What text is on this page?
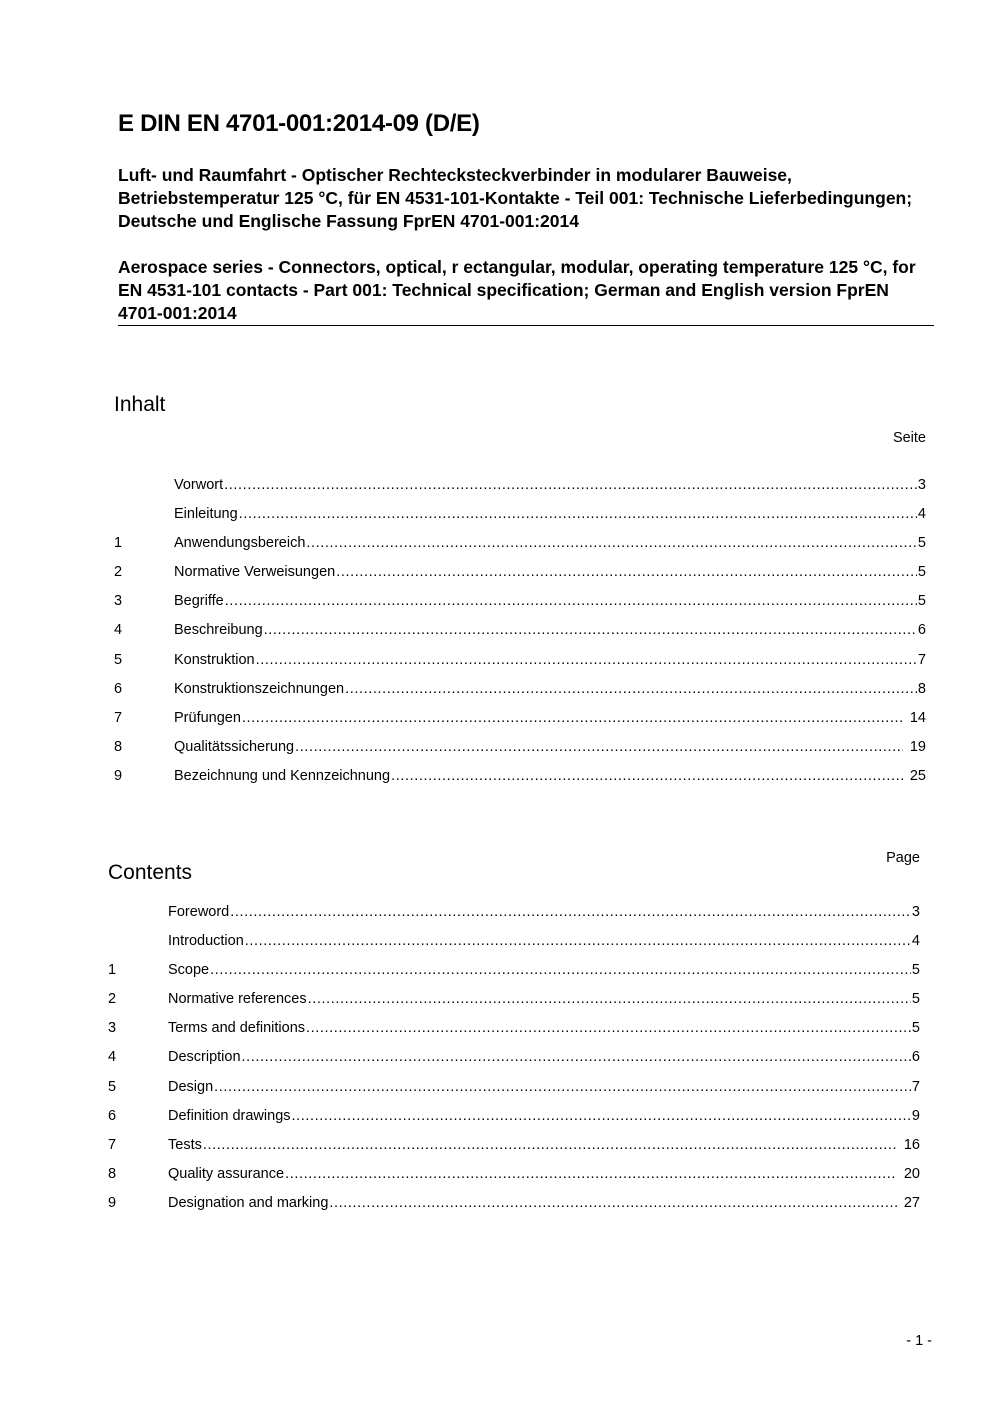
E DIN EN 4701-001:2014-09 (D/E)

Luft- und Raumfahrt - Optischer Rechtecksteckverbinder in modularer Bauweise, Betriebstemperatur 125 °C, für EN 4531-101-Kontakte - Teil 001: Technische Lieferbedingungen; Deutsche und Englische Fassung FprEN 4701-001:2014

Aerospace series - Connectors, optical, r ectangular, modular, operating temperature 125 °C, for EN 4531-101 contacts - Part 001: Technical specification; German and English version FprEN 4701-001:2014

Inhalt
Seite
Vorwort .....	3
Einleitung .....	4
1	Anwendungsbereich .....	5
2	Normative Verweisungen .....	5
3	Begriffe .....	5
4	Beschreibung .....	6
5	Konstruktion .....	7
6	Konstruktionszeichnungen .....	8
7	Prüfungen .....	14
8	Qualitätssicherung .....	19
9	Bezeichnung und Kennzeichnung .....	25
Contents
Page
Foreword .....	3
Introduction .....	4
1	Scope .....	5
2	Normative references .....	5
3	Terms and definitions .....	5
4	Description .....	6
5	Design .....	7
6	Definition drawings .....	9
7	Tests .....	16
8	Quality assurance .....	20
9	Designation and marking .....	27
- 1 -
